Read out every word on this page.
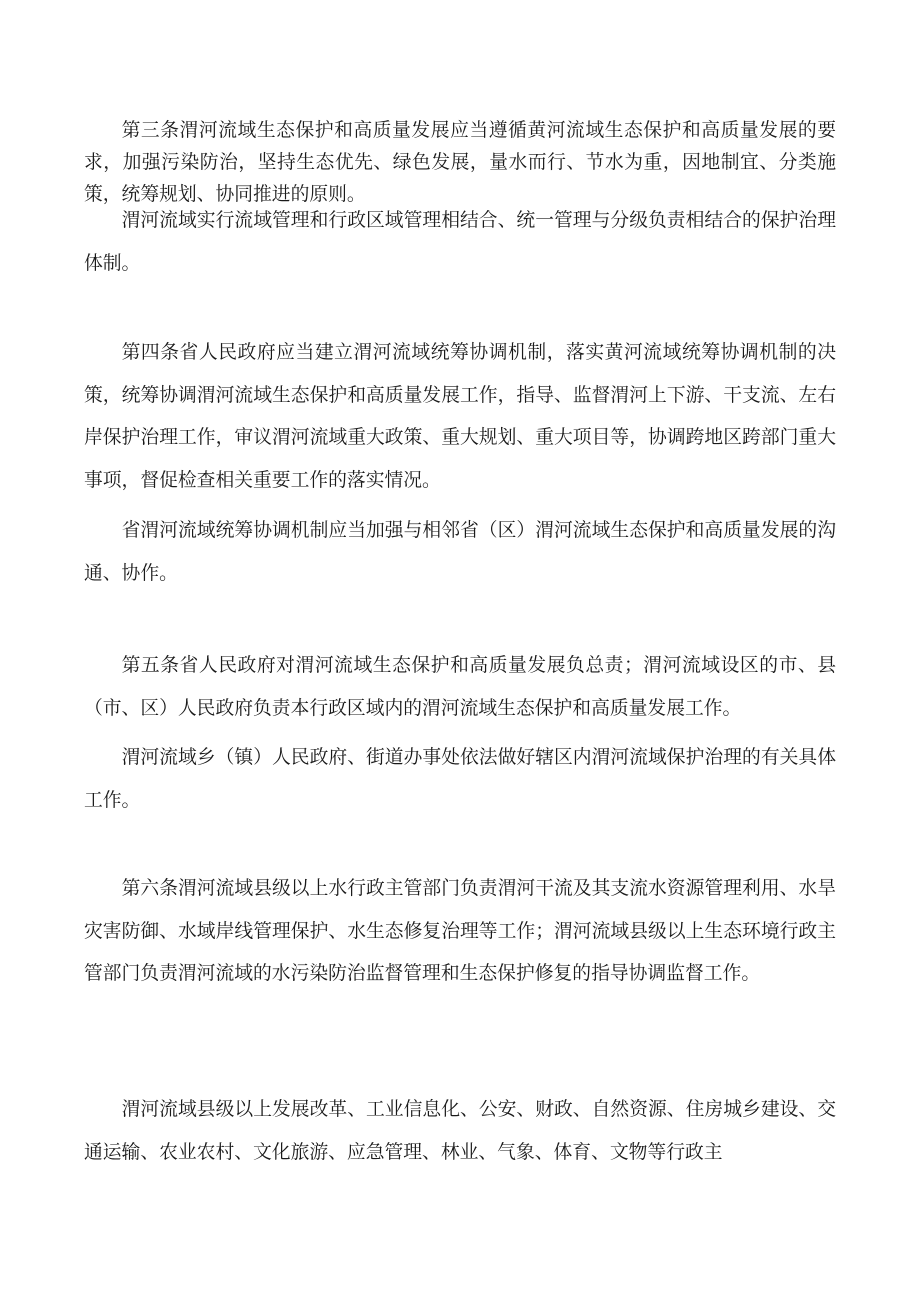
第三条渭河流域生态保护和高质量发展应当遵循黄河流域生态保护和高质量发展的要求，加强污染防治，坚持生态优先、绿色发展，量水而行、节水为重，因地制宜、分类施策，统筹规划、协同推进的原则。

渭河流域实行流域管理和行政区域管理相结合、统一管理与分级负责相结合的保护治理体制。

第四条省人民政府应当建立渭河流域统筹协调机制，落实黄河流域统筹协调机制的决策，统筹协调渭河流域生态保护和高质量发展工作，指导、监督渭河上下游、干支流、左右岸保护治理工作，审议渭河流域重大政策、重大规划、重大项目等，协调跨地区跨部门重大事项，督促检查相关重要工作的落实情况。

省渭河流域统筹协调机制应当加强与相邻省（区）渭河流域生态保护和高质量发展的沟通、协作。

第五条省人民政府对渭河流域生态保护和高质量发展负总责；渭河流域设区的市、县（市、区）人民政府负责本行政区域内的渭河流域生态保护和高质量发展工作。

渭河流域乡（镇）人民政府、街道办事处依法做好辖区内渭河流域保护治理的有关具体工作。

第六条渭河流域县级以上水行政主管部门负责渭河干流及其支流水资源管理利用、水旱灾害防御、水域岸线管理保护、水生态修复治理等工作；渭河流域县级以上生态环境行政主管部门负责渭河流域的水污染防治监督管理和生态保护修复的指导协调监督工作。

渭河流域县级以上发展改革、工业信息化、公安、财政、自然资源、住房城乡建设、交通运输、农业农村、文化旅游、应急管理、林业、气象、体育、文物等行政主
